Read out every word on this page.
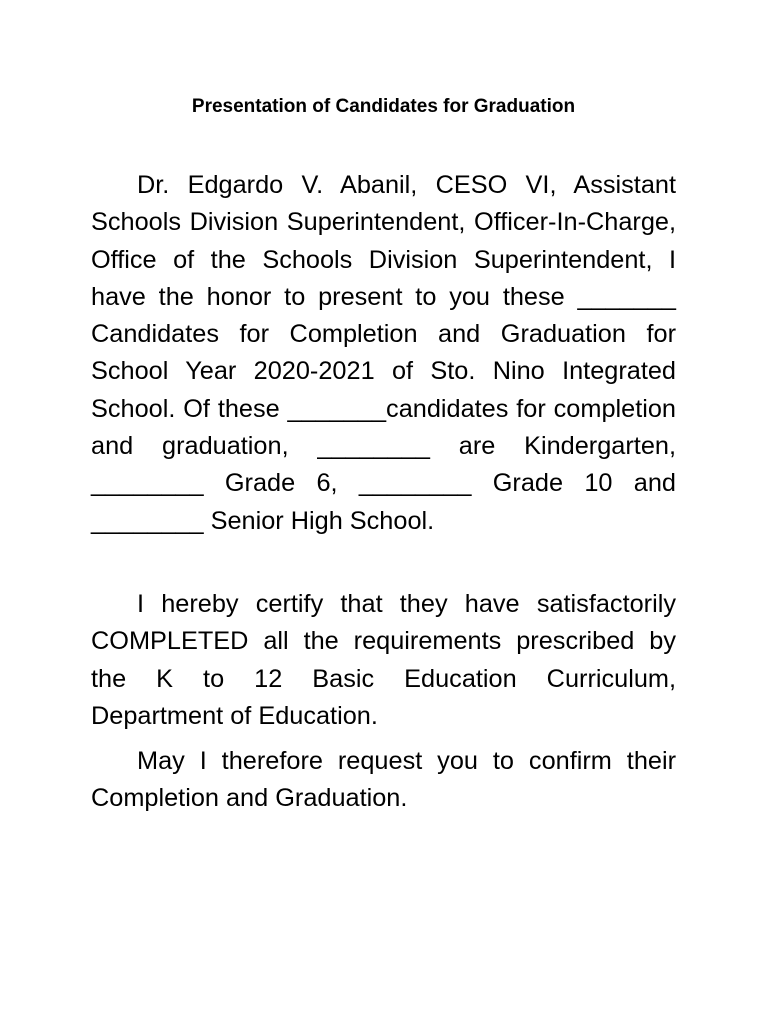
Presentation of Candidates for Graduation

Dr. Edgardo V. Abanil, CESO VI, Assistant Schools Division Superintendent, Officer-In-Charge, Office of the Schools Division Superintendent, I have the honor to present to you these _______ Candidates for Completion and Graduation for School Year 2020-2021 of Sto. Nino Integrated School. Of these _______candidates for completion and graduation, ________ are Kindergarten, ________ Grade 6, ________ Grade 10 and ________ Senior High School.

I hereby certify that they have satisfactorily COMPLETED all the requirements prescribed by the K to 12 Basic Education Curriculum, Department of Education.

May I therefore request you to confirm their Completion and Graduation.
